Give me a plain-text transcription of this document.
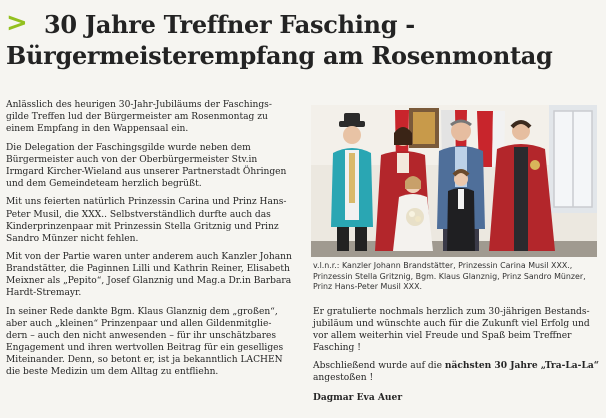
> 30 Jahre Treffner Fasching -
Bürgermeisterempfang am Rosenmontag

Anlässlich des heurigen 30-Jahr-Jubiläums der Faschings- gilde Treffen lud der Bürgermeister am Rosenmontag zu einem Empfang in den Wappensaal ein.

Die Delegation der Faschingsgilde wurde neben dem Bürgermeister auch von der Oberbürgermeister Stv.in Irmgard Kircher-Wieland aus unserer Partnerstadt Öhringen und dem Gemeindeteam herzlich begrüßt.

Mit uns feierten natürlich Prinzessin Carina und Prinz Hans-Peter Musil, die XXX.. Selbstverständlich durfte auch das Kinderprinzenpaar mit Prinzessin Stella Gritznig und Prinz Sandro Münzer nicht fehlen.

Mit von der Partie waren unter anderem auch Kanzler Johann Brandstätter, die Paginnen Lilli und Kathrin Reiner, Elisabeth Meixner als „Pepito“, Josef Glanznig und Mag.a Dr.in Barbara Hardt-Stremayr.

In seiner Rede dankte Bgm. Klaus Glanznig dem „großen“, aber auch „kleinen“ Prinzenpaar und allen Gildenmitglie- dern – auch den nicht anwesenden – für ihr unschätzbares Engagement und ihren wertvollen Beitrag für ein geselliges Miteinander. Denn, so betont er, ist ja bekanntlich LACHEN die beste Medizin um dem Alltag zu entfliehn.

v.l.n.r.: Kanzler Johann Brandstätter, Prinzessin Carina Musil XXX., Prinzessin Stella Gritznig, Bgm. Klaus Glanznig, Prinz Sandro Münzer, Prinz Hans-Peter Musil XXX.

Er gratulierte nochmals herzlich zum 30-jährigen Bestands- jubiläum und wünschte auch für die Zukunft viel Erfolg und vor allem weiterhin viel Freude und Spaß beim Treffner Fasching !

Abschließend wurde auf die nächsten 30 Jahre „Tra-La-La“ angestoßen !

Dagmar Eva Auer
